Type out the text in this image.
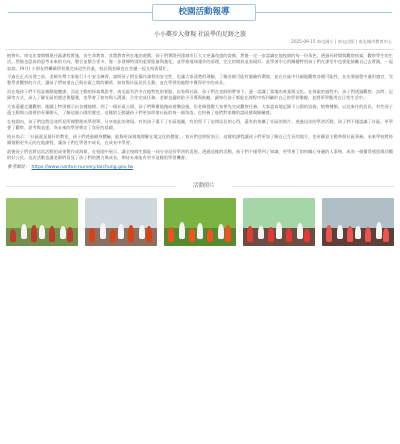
校園活動報導
小小鄰步大發現 社區學的足跡之旅
2025-09-15 南屯國小 | 南屯出版 | 南屯城市教育中心

植物年，南屯出發開鄉建社區課程實施，由生命教育、食農教育到在地的遊戲，孩子們實際到達城市巨大又充滿茂盛的設備，然後一定一步認識在地校園的每一份角色，透過長時間與觀察探索，觀察學生的生活，然後也認真的思考未來的方向，整合並整合更多，進一步發揮特別的重要能量與強化，並學會地球運作的原理，完全的開放並表現好。此學習中心的關鍵特別孩子們在課堂中也要能鼓勵自己去實踐，一起加油。(9月) 小朋友們繼續學習與完成這些作業，校長與老師也在旁邊一起支持著幫忙。

不過在正式出發之前，老師先帶大家進行小小安全練習，說明孩子們在操作課程的安全性，也讓大家清楚的理解，了解各個可能有風險的環境，並在社區中仔細地觀察各種可能性，在出發過程中運用感官，完整學習觀察的方式，讓孩子們知道自己與社區之間的關係，如何與社區居民互動，並在學習的過程中獲得更多的成長。

而在地孩子們不再是被動地聽課，而是主動的探索與思考。南屯區有許多在地特色的景點、店家與社區，孩子們在老師的帶領下，逐一認識了當地的產業與文化。在探索的過程中，孩子們透過觀察、訪問、記錄等方式，深入了解社區的歷史與變遷，也學會了如何與人溝通、合作完成任務。老師也適時給予引導與鼓勵，讓每位孩子都能在課程中找到屬於自己的學習樂趣，並將所學應用在日常生活中。

大家還邊走邊觀察，地圖上特別標示出各種地標。到了一個社區公園，孩子們興奮地跑向遊樂設施，但老師提醒大家要先完成觀察任務。大家認真地記錄下公園的設施、植物種類，以及來往的居民。有些孩子還主動與公園裡的長輩聊天，了解這個公園的歷史。這樣的互動讓孩子們更加珍惜社區的每一個角落，也培養了他們對家鄉的認同感與歸屬感。

在校園內，孩子們也將沿途所見所聞整理成學習單，分享彼此的發現。有的孩子畫下了社區地圖，有的寫下了訪問居民的心得，還有的拍攝了社區的照片。透過這次的學習活動，孩子們不僅認識了社區，更學會了觀察、思考與表達，為未來的學習奠定了良好的基礎。

校長表示：「社區就是最好的教室，孩子們透過親身體驗，能夠更深刻地理解在地文化的價值。」家長們也紛紛表示，這樣的課程讓孩子們更加了解自己生長的地方，也更願意主動參與社區事務。未來學校將持續推動更多元的在地課程，讓孩子們在學習中成長，在成長中學習。

最後孩子們也將這次活動的成果製作成海報，在校園中展示，讓全校師生都能一同分享這份學習的喜悅。透過這樣的活動，孩子們不僅學到了知識，更學會了如何關心身邊的人事物，成為一個懂得感恩與回饋的好公民。這次活動也讓老師們看見了孩子們的潛力與成長，期待未來能有更多這樣的學習機會。

參考網址： https://www.nantun-nursery.taichung.gov.tw
活動照片
